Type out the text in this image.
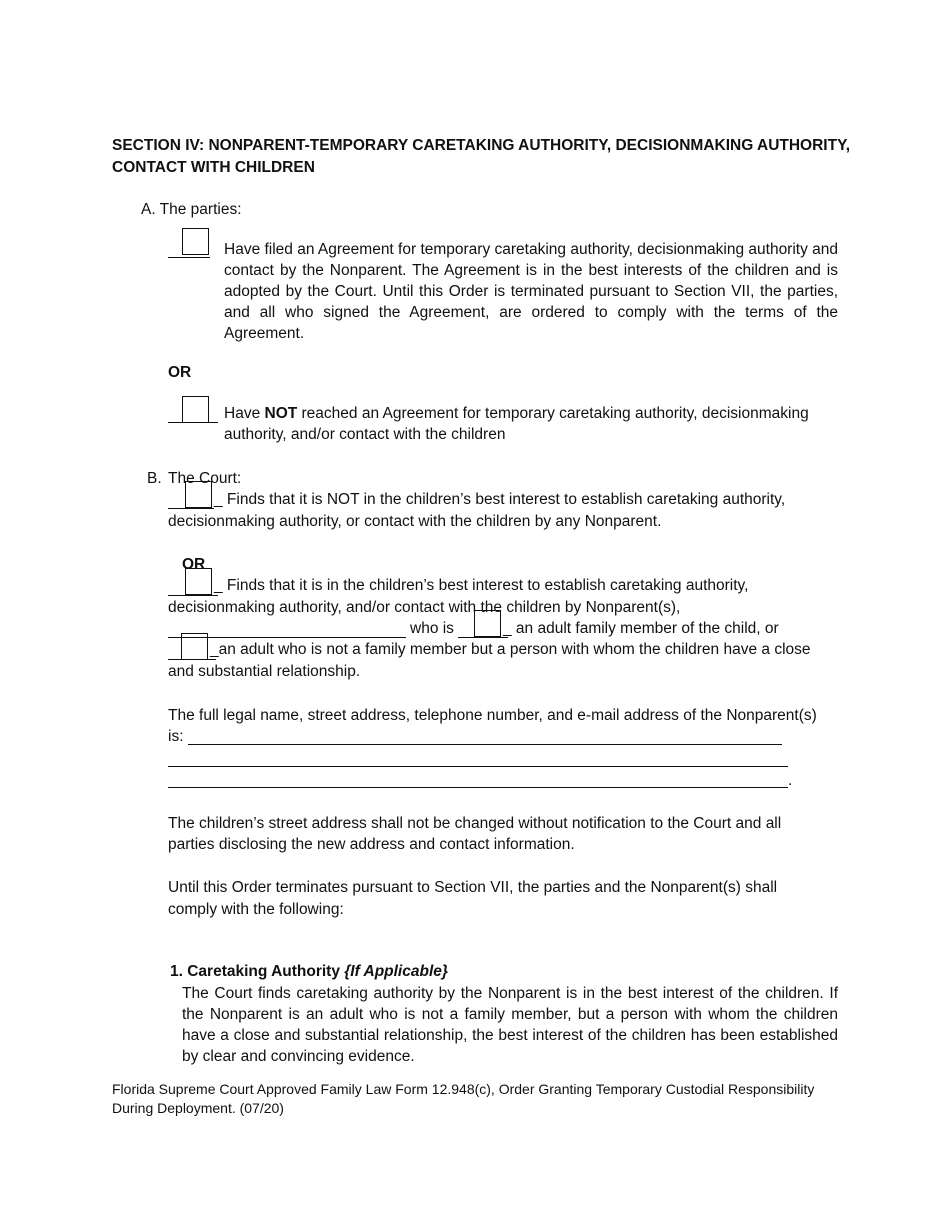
SECTION IV: NONPARENT-TEMPORARY CARETAKING AUTHORITY, DECISIONMAKING AUTHORITY,
CONTACT WITH CHILDREN
A. The parties:
Have filed an Agreement for temporary caretaking authority, decisionmaking authority and contact by the Nonparent. The Agreement is in the best interests of the children and is adopted by the Court. Until this Order is terminated pursuant to Section VII, the parties, and all who signed the Agreement, are ordered to comply with the terms of the Agreement.
OR
Have NOT reached an Agreement for temporary caretaking authority, decisionmaking
authority, and/or contact with the children
B. The Court:
_ Finds that it is NOT in the children’s best interest to establish caretaking authority,
decisionmaking authority, or contact with the children by any Nonparent.
OR
_ Finds that it is in the children’s best interest to establish caretaking authority,
decisionmaking authority, and/or contact with the children by Nonparent(s),
who is	_ an adult family member of the child, or
_an adult who is not a family member but a person with whom the children have a close
and substantial relationship.
The full legal name, street address, telephone number, and e-mail address of the Nonparent(s)
is:
.
The children’s street address shall not be changed without notification to the Court and all
parties disclosing the new address and contact information.
Until this Order terminates pursuant to Section VII, the parties and the Nonparent(s) shall
comply with the following:
1. Caretaking Authority {If Applicable}
The Court finds caretaking authority by the Nonparent is in the best interest of the children. If the Nonparent is an adult who is not a family member, but a person with whom the children have a close and substantial relationship, the best interest of the children has been established by clear and convincing evidence.
Florida Supreme Court Approved Family Law Form 12.948(c), Order Granting Temporary Custodial Responsibility
During Deployment. (07/20)
